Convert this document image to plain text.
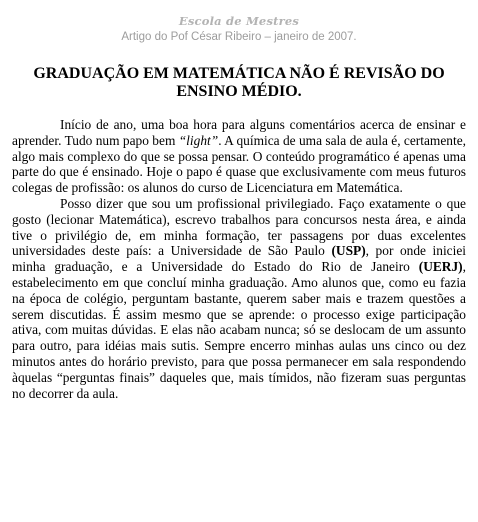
Escola de Mestres
Artigo do Pof César Ribeiro – janeiro de 2007.
GRADUAÇÃO EM MATEMÁTICA NÃO É REVISÃO DO ENSINO MÉDIO.

Início de ano, uma boa hora para alguns comentários acerca de ensinar e aprender. Tudo num papo bem “light”. A química de uma sala de aula é, certamente, algo mais complexo do que se possa pensar. O conteúdo programático é apenas uma parte do que é ensinado. Hoje o papo é quase que exclusivamente com meus futuros colegas de profissão: os alunos do curso de Licenciatura em Matemática.

Posso dizer que sou um profissional privilegiado. Faço exatamente o que gosto (lecionar Matemática), escrevo trabalhos para concursos nesta área, e ainda tive o privilégio de, em minha formação, ter passagens por duas excelentes universidades deste país: a Universidade de São Paulo (USP), por onde iniciei minha graduação, e a Universidade do Estado do Rio de Janeiro (UERJ), estabelecimento em que concluí minha graduação. Amo alunos que, como eu fazia na época de colégio, perguntam bastante, querem saber mais e trazem questões a serem discutidas. É assim mesmo que se aprende: o processo exige participação ativa, com muitas dúvidas. E elas não acabam nunca; só se deslocam de um assunto para outro, para idéias mais sutis. Sempre encerro minhas aulas uns cinco ou dez minutos antes do horário previsto, para que possa permanecer em sala respondendo àquelas “perguntas finais” daqueles que, mais tímidos, não fizeram suas perguntas no decorrer da aula.
